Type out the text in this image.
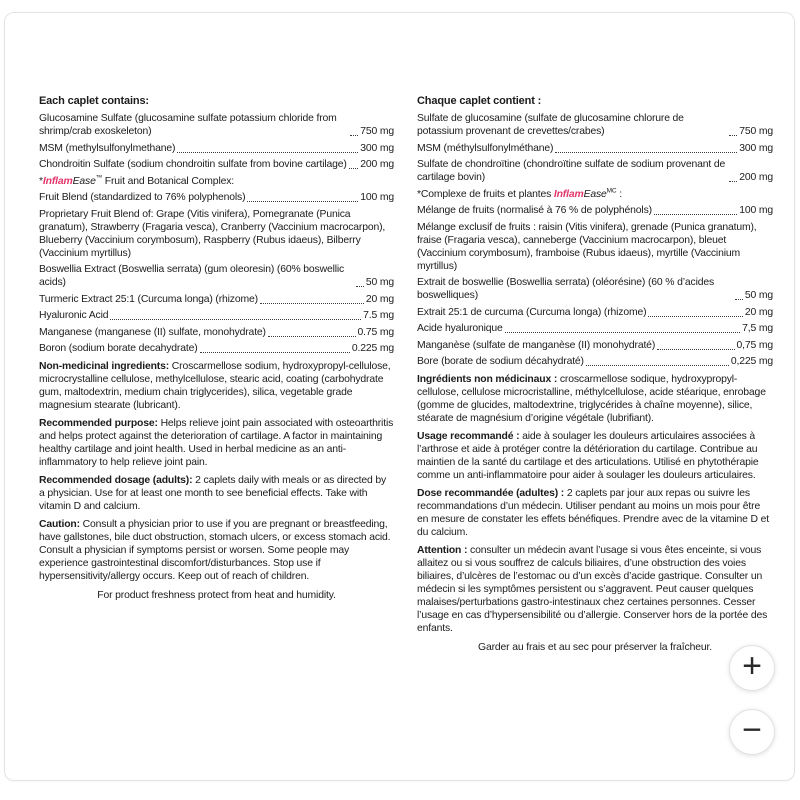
Each caplet contains:
Glucosamine Sulfate (glucosamine sulfate potassium chloride from shrimp/crab exoskeleton)	750 mg
MSM (methylsulfonylmethane)	300 mg
Chondroitin Sulfate (sodium chondroitin sulfate from bovine cartilage) 200 mg
*InflamEase™ Fruit and Botanical Complex:
Fruit Blend (standardized to 76% polyphenols)	100 mg
Proprietary Fruit Blend of: Grape (Vitis vinifera), Pomegranate (Punica granatum), Strawberry (Fragaria vesca), Cranberry (Vaccinium macrocarpon), Blueberry (Vaccinium corymbosum), Raspberry (Rubus idaeus), Bilberry (Vaccinium myrtillus)
Boswellia Extract (Boswellia serrata) (gum oleoresin) (60% boswellic acids)	50 mg
Turmeric Extract 25:1 (Curcuma longa) (rhizome)	20 mg
Hyaluronic Acid	7.5 mg
Manganese (manganese (II) sulfate, monohydrate)	0.75 mg
Boron (sodium borate decahydrate)	0.225 mg

Non-medicinal ingredients: Croscarmellose sodium, hydroxypropyl-cellulose, microcrystalline cellulose, methylcellulose, stearic acid, coating (carbohydrate gum, maltodextrin, medium chain triglycerides), silica, vegetable grade magnesium stearate (lubricant).

Recommended purpose: Helps relieve joint pain associated with osteoarthritis and helps protect against the deterioration of cartilage. A factor in maintaining healthy cartilage and joint health. Used in herbal medicine as an anti-inflammatory to help relieve joint pain.

Recommended dosage (adults): 2 caplets daily with meals or as directed by a physician. Use for at least one month to see beneficial effects. Take with vitamin D and calcium.

Caution: Consult a physician prior to use if you are pregnant or breastfeeding, have gallstones, bile duct obstruction, stomach ulcers, or excess stomach acid. Consult a physician if symptoms persist or worsen. Some people may experience gastrointestinal discomfort/disturbances. Stop use if hypersensitivity/allergy occurs. Keep out of reach of children.

For product freshness protect from heat and humidity.
Chaque caplet contient :
Sulfate de glucosamine (sulfate de glucosamine chlorure de potassium provenant de crevettes/crabes)	750 mg
MSM (méthylsulfonylméthane)	300 mg
Sulfate de chondroïtine (chondroïtine sulfate de sodium provenant de cartilage bovin)	200 mg
*Complexe de fruits et plantes InflamEase$^{MC}$ :
Mélange de fruits (normalisé à 76 % de polyphénols)	100 mg
Mélange exclusif de fruits : raisin (Vitis vinifera), grenade (Punica granatum), fraise (Fragaria vesca), canneberge (Vaccinium macrocarpon), bleuet (Vaccinium corymbosum), framboise (Rubus idaeus), myrtille (Vaccinium myrtillus)
Extrait de boswellie (Boswellia serrata) (oléorésine) (60 % d’acides boswelliques)	50 mg
Extrait 25:1 de curcuma (Curcuma longa) (rhizome)	20 mg
Acide hyaluronique	7,5 mg
Manganèse (sulfate de manganèse (II) monohydraté)	0,75 mg
Bore (borate de sodium décahydraté)	0,225 mg

Ingrédients non médicinaux : croscarmellose sodique, hydroxypropyl-cellulose, cellulose microcristalline, méthylcellulose, acide stéarique, enrobage (gomme de glucides, maltodextrine, triglycérides à chaîne moyenne), silice, stéarate de magnésium d’origine végétale (lubrifiant).

Usage recommandé : aide à soulager les douleurs articulaires associées à l’arthrose et aide à protéger contre la détérioration du cartilage. Contribue au maintien de la santé du cartilage et des articulations. Utilisé en phytothérapie comme un anti-inflammatoire pour aider à soulager les douleurs articulaires.

Dose recommandée (adultes) : 2 caplets par jour aux repas ou suivre les recommandations d’un médecin. Utiliser pendant au moins un mois pour être en mesure de constater les effets bénéfiques. Prendre avec de la vitamine D et du calcium.

Attention : consulter un médecin avant l’usage si vous êtes enceinte, si vous allaitez ou si vous souffrez de calculs biliaires, d’une obstruction des voies biliaires, d’ulcères de l’estomac ou d’un excès d’acide gastrique. Consulter un médecin si les symptômes persistent ou s’aggravent. Peut causer quelques malaises/perturbations gastro-intestinaux chez certaines personnes. Cesser l’usage en cas d’hypersensibilité ou d’allergie. Conserver hors de la portée des enfants.

Garder au frais et au sec pour préserver la fraîcheur. +
−
